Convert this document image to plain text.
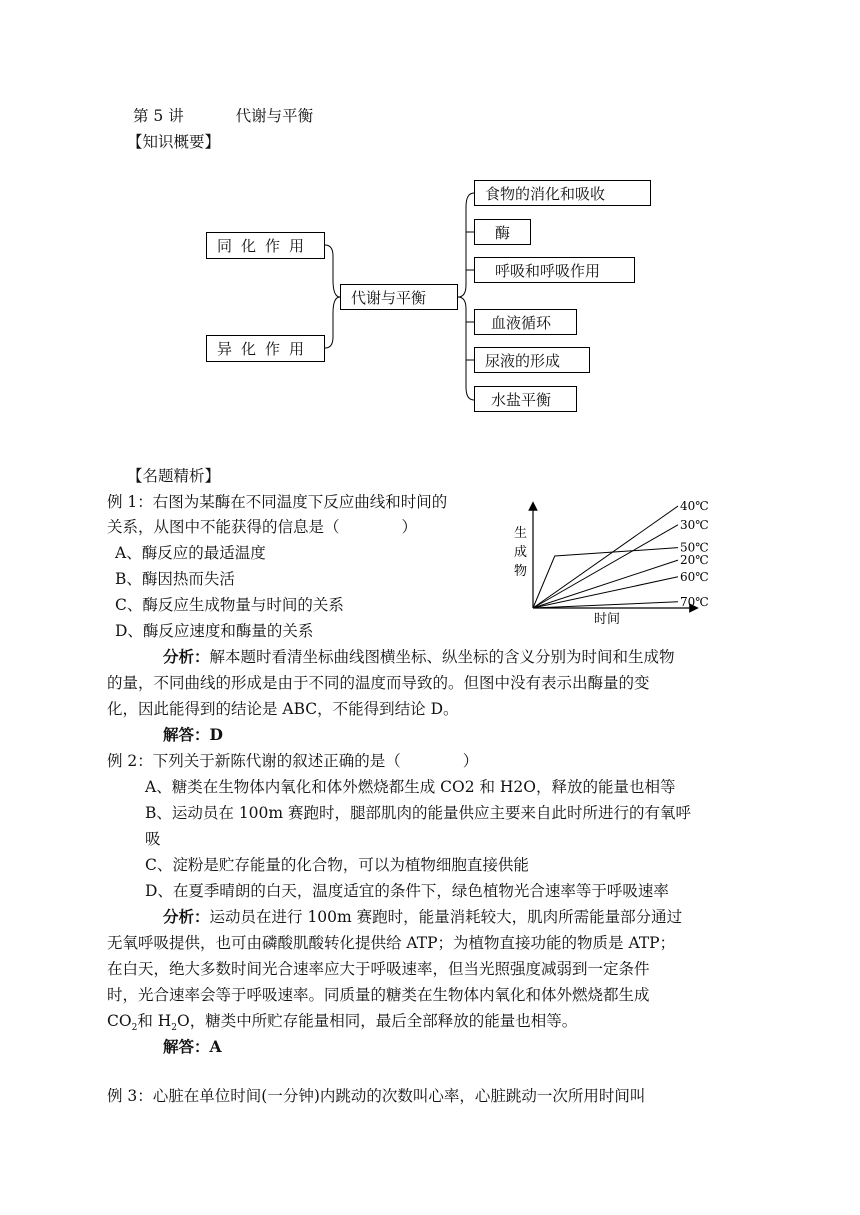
第 5 讲	代谢与平衡
【知识概要】
同化作用
异化作用
代谢与平衡
食物的消化和吸收
酶
呼吸和呼吸作用
血液循环
尿液的形成
水盐平衡
【名题精析】
例 1：右图为某酶在不同温度下反应曲线和时间的
关系，从图中不能获得的信息是（　　　　）
A、酶反应的最适温度
B、酶因热而失活
C、酶反应生成物量与时间的关系
D、酶反应速度和酶量的关系
生
成
物
时间
40℃
30℃
50℃
20℃
60℃
70℃
分析：解本题时看清坐标曲线图横坐标、纵坐标的含义分别为时间和生成物
的量，不同曲线的形成是由于不同的温度而导致的。但图中没有表示出酶量的变
化，因此能得到的结论是 ABC，不能得到结论 D。
解答：D
例 2：下列关于新陈代谢的叙述正确的是（　　　　）
A、糖类在生物体内氧化和体外燃烧都生成 CO2 和 H2O，释放的能量也相等
B、运动员在 100m 赛跑时，腿部肌肉的能量供应主要来自此时所进行的有氧呼
吸
C、淀粉是贮存能量的化合物，可以为植物细胞直接供能
D、在夏季晴朗的白天，温度适宜的条件下，绿色植物光合速率等于呼吸速率
分析：运动员在进行 100m 赛跑时，能量消耗较大，肌肉所需能量部分通过
无氧呼吸提供，也可由磷酸肌酸转化提供给 ATP；为植物直接功能的物质是 ATP；
在白天，绝大多数时间光合速率应大于呼吸速率，但当光照强度减弱到一定条件
时，光合速率会等于呼吸速率。同质量的糖类在生物体内氧化和体外燃烧都生成
$CO_2$和 $H_2O$，糖类中所贮存能量相同，最后全部释放的能量也相等。
解答：A
例 3：心脏在单位时间(一分钟)内跳动的次数叫心率，心脏跳动一次所用时间叫
